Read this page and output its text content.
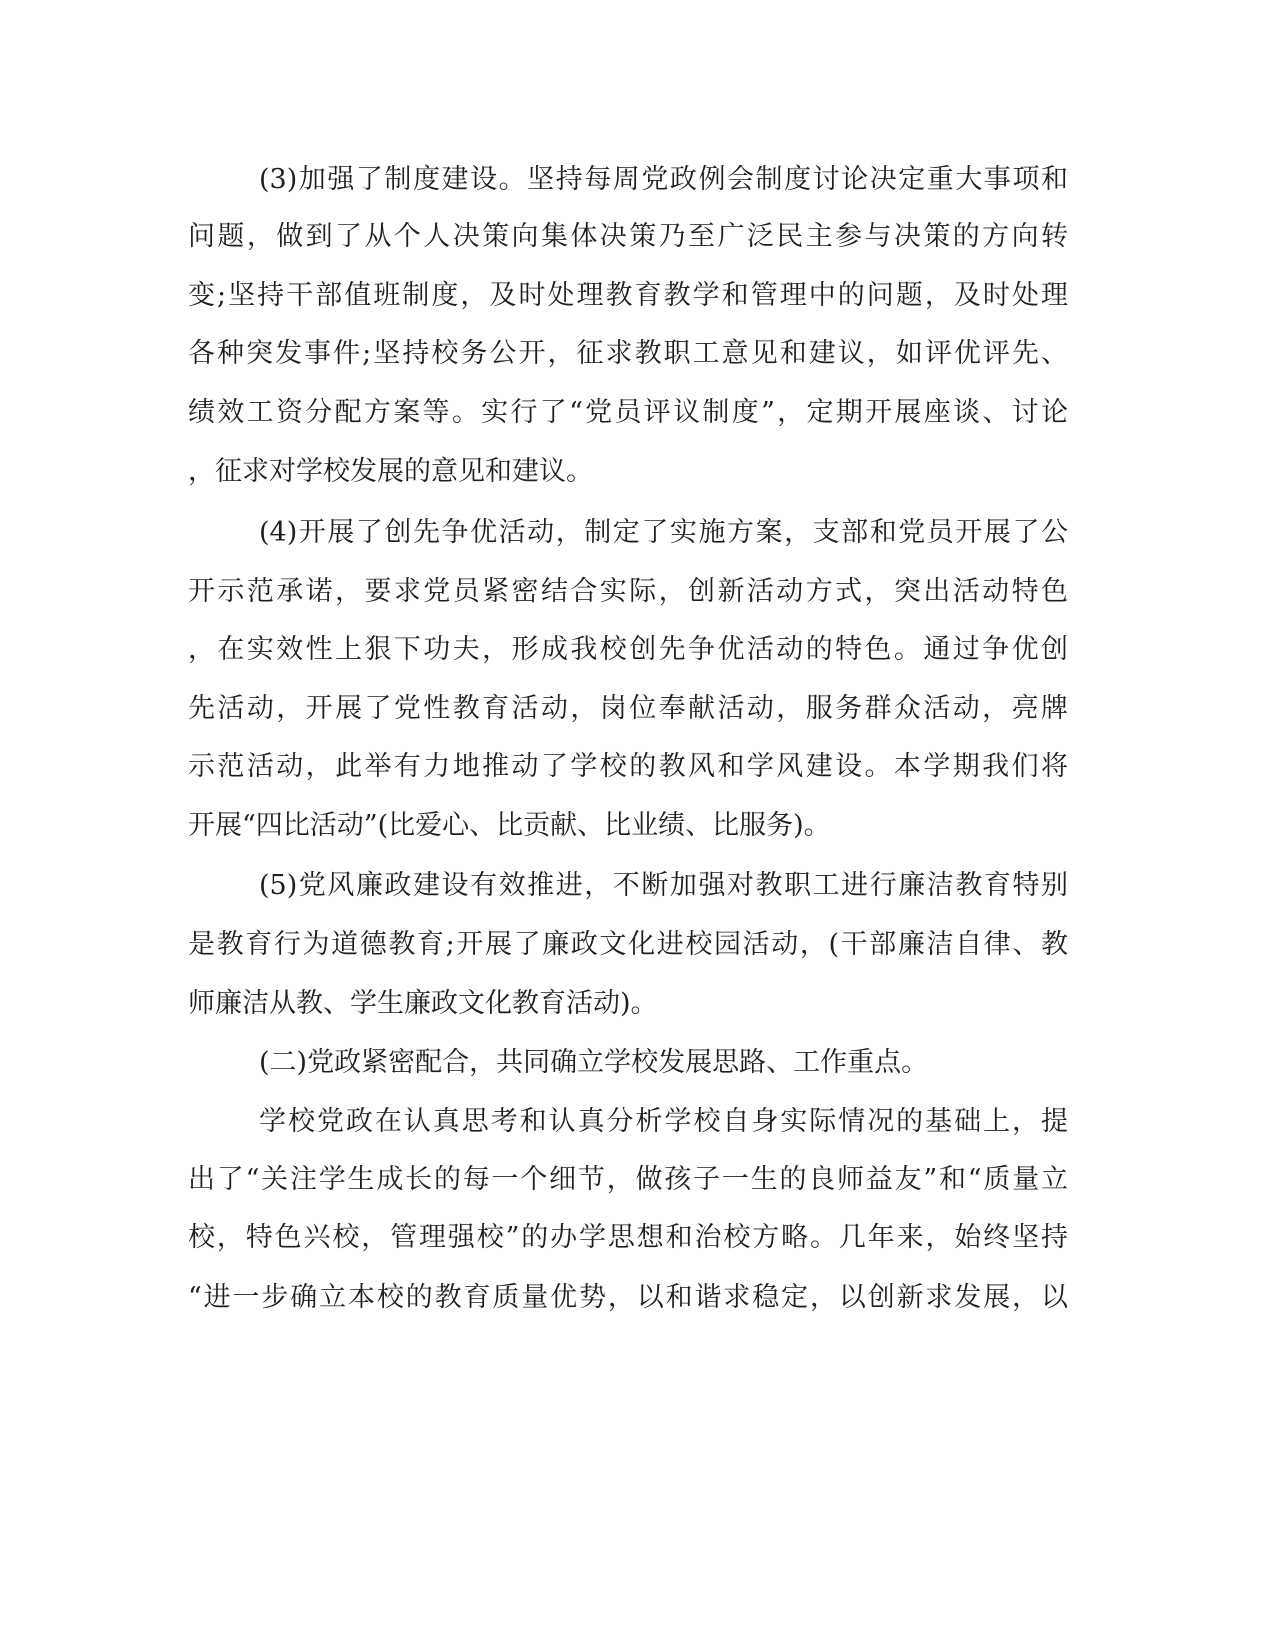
(3)加强了制度建设。坚持每周党政例会制度讨论决定重大事项和
问题，做到了从个人决策向集体决策乃至广泛民主参与决策的方向转
变;坚持干部值班制度，及时处理教育教学和管理中的问题，及时处理
各种突发事件;坚持校务公开，征求教职工意见和建议，如评优评先、
绩效工资分配方案等。实行了“党员评议制度”，定期开展座谈、讨论
，征求对学校发展的意见和建议。
(4)开展了创先争优活动，制定了实施方案，支部和党员开展了公
开示范承诺，要求党员紧密结合实际，创新活动方式，突出活动特色
，在实效性上狠下功夫，形成我校创先争优活动的特色。通过争优创
先活动，开展了党性教育活动，岗位奉献活动，服务群众活动，亮牌
示范活动，此举有力地推动了学校的教风和学风建设。本学期我们将
开展“四比活动”(比爱心、比贡献、比业绩、比服务)。
(5)党风廉政建设有效推进，不断加强对教职工进行廉洁教育特别
是教育行为道德教育;开展了廉政文化进校园活动，(干部廉洁自律、教
师廉洁从教、学生廉政文化教育活动)。
(二)党政紧密配合，共同确立学校发展思路、工作重点。
学校党政在认真思考和认真分析学校自身实际情况的基础上，提
出了“关注学生成长的每一个细节，做孩子一生的良师益友”和“质量立
校，特色兴校，管理强校”的办学思想和治校方略。几年来，始终坚持
“进一步确立本校的教育质量优势，以和谐求稳定，以创新求发展，以
